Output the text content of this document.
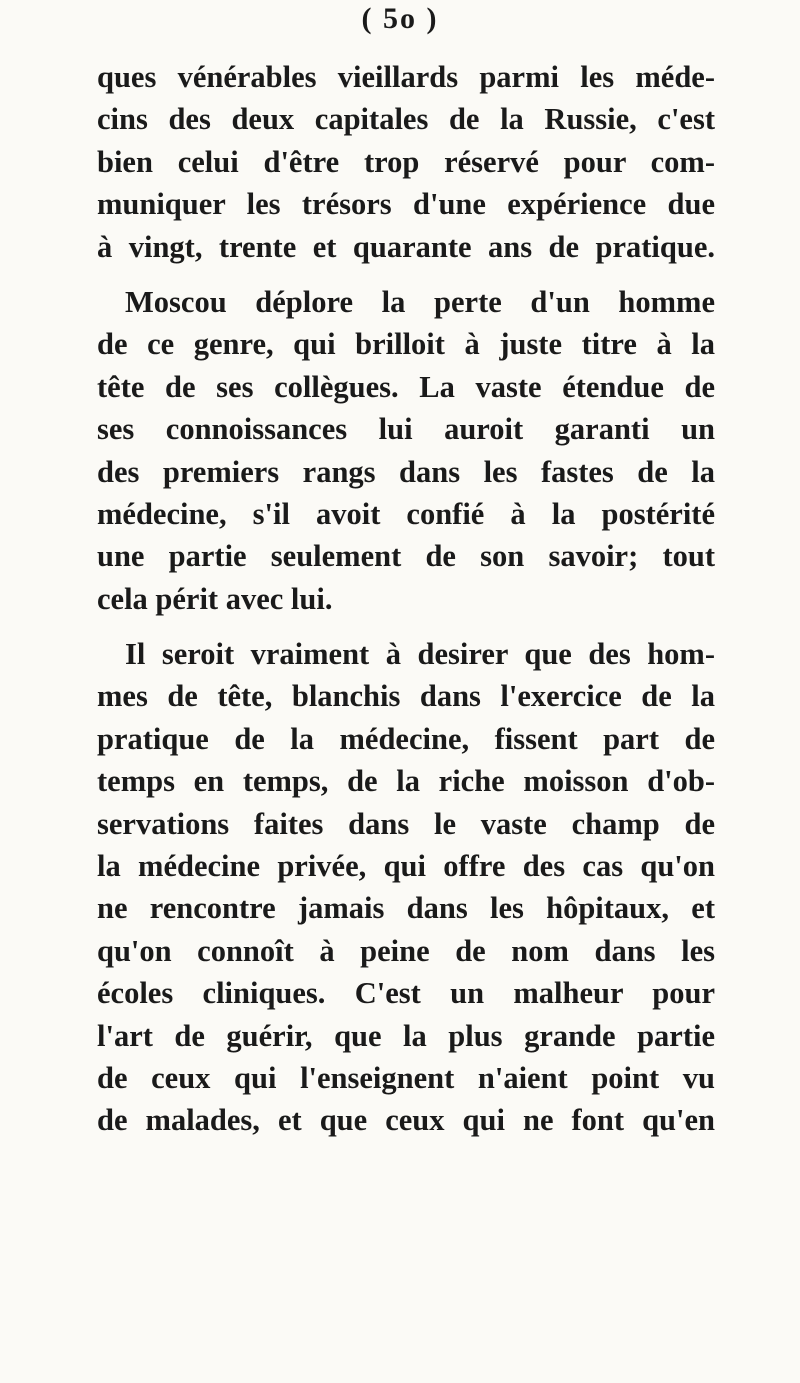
( 5o )
ques vénérables vieillards parmi les méde-
cins des deux capitales de la Russie, c'est
bien celui d'être trop réservé pour com-
muniquer les trésors d'une expérience due
à vingt, trente et quarante ans de pratique.
Moscou déplore la perte d'un homme
de ce genre, qui brilloit à juste titre à la
tête de ses collègues. La vaste étendue de
ses connoissances lui auroit garanti un
des premiers rangs dans les fastes de la
médecine, s'il avoit confié à la postérité
une partie seulement de son savoir; tout
cela périt avec lui.
Il seroit vraiment à desirer que des hom-
mes de tête, blanchis dans l'exercice de la
pratique de la médecine, fissent part de
temps en temps, de la riche moisson d'ob-
servations faites dans le vaste champ de
la médecine privée, qui offre des cas qu'on
ne rencontre jamais dans les hôpitaux, et
qu'on connoît à peine de nom dans les
écoles cliniques. C'est un malheur pour
l'art de guérir, que la plus grande partie
de ceux qui l'enseignent n'aient point vu
de malades, et que ceux qui ne font qu'en
